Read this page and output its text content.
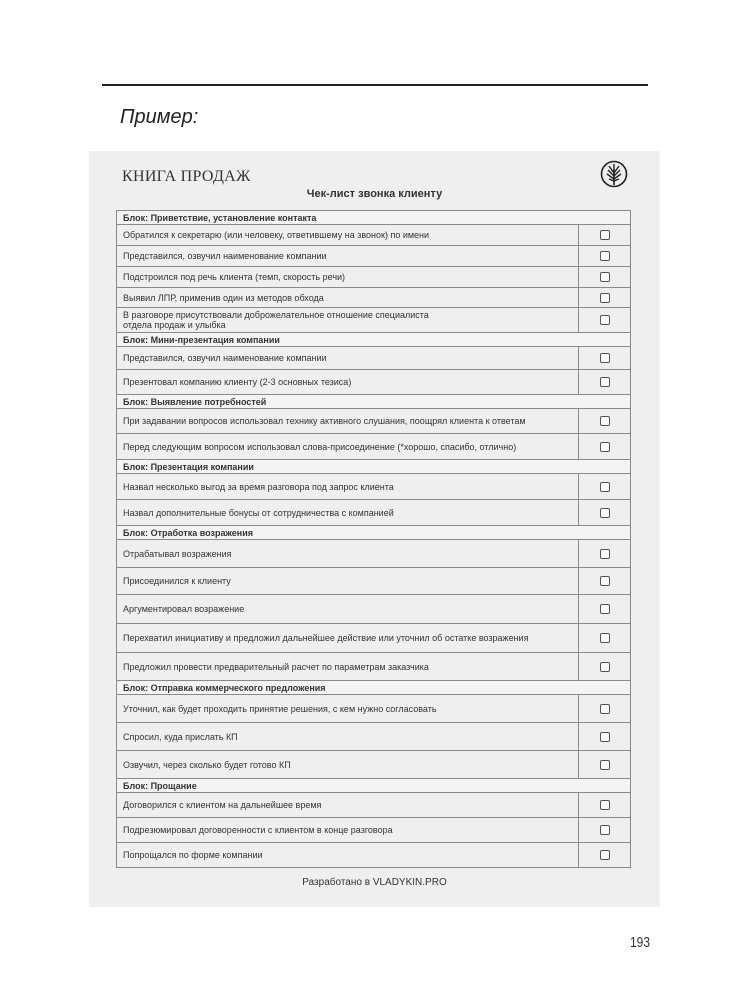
Пример:
КНИГА ПРОДАЖ
Чек-лист звонка клиенту
Блок: Приветствие, установление контакта	
Обратился к секретарю (или человеку, ответившему на звонок) по имени	
Представился, озвучил наименование компании	
Подстроился под речь клиента (темп, скорость речи)	
Выявил ЛПР, применив один из методов обхода	
В разговоре присутствовали доброжелательное отношение специалиста
отдела продаж и улыбка	
Блок: Мини-презентация компании	
Представился, озвучил наименование компании	
Презентовал компанию клиенту (2-3 основных тезиса)	
Блок: Выявление потребностей	
При задавании вопросов использовал технику активного слушания, поощрял клиента к ответам	
Перед следующим вопросом использовал слова-присоединение (*хорошо, спасибо, отлично)	
Блок: Презентация компании	
Назвал несколько выгод за время разговора под запрос клиента	
Назвал дополнительные бонусы от сотрудничества с компанией	
Блок: Отработка возражения	
Отрабатывал возражения	
Присоединился к клиенту	
Аргументировал возражение	
Перехватил инициативу и предложил дальнейшее действие или уточнил об остатке возражения	
Предложил провести предварительный расчет по параметрам заказчика	
Блок: Отправка коммерческого предложения	
Уточнил, как будет проходить принятие решения, с кем нужно согласовать	
Спросил, куда прислать КП	
Озвучил, через сколько будет готово КП	
Блок: Прощание	
Договорился с клиентом на дальнейшее время	
Подрезюмировал договоренности с клиентом в конце разговора	
Попрощался по форме компании	
Разработано в VLADYKIN.PRO
193
